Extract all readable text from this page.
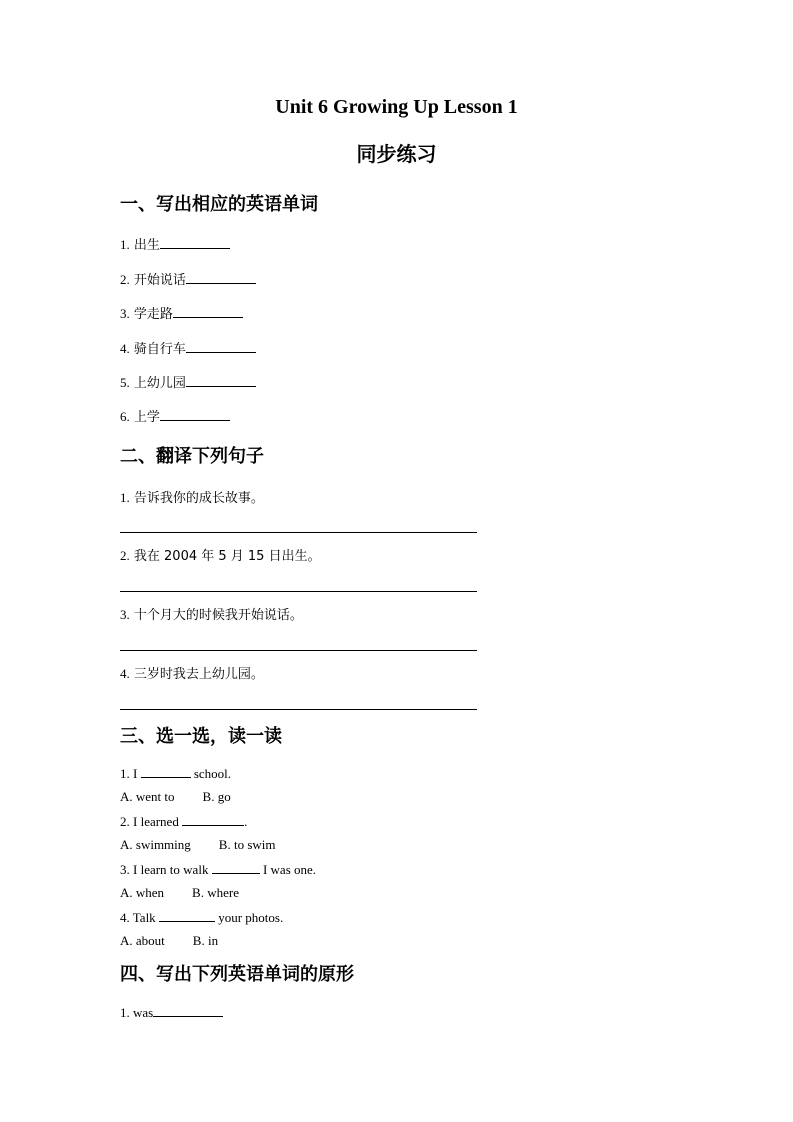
Unit 6 Growing Up Lesson 1
同步练习
一、写出相应的英语单词
1. 出生
2. 开始说话
3. 学走路
4. 骑自行车
5. 上幼儿园
6. 上学
二、翻译下列句子
1. 告诉我你的成长故事。
2. 我在 2004 年 5 月 15 日出生。
3. 十个月大的时候我开始说话。
4. 三岁时我去上幼儿园。
三、选一选，读一读
1. I	school.
A. went to B. go
2. I learned	.
A. swimming B. to swim
3. I learn to walk	I was one.
A. when B. where
4. Talk	your photos.
A. about B. in
四、写出下列英语单词的原形
1. was
